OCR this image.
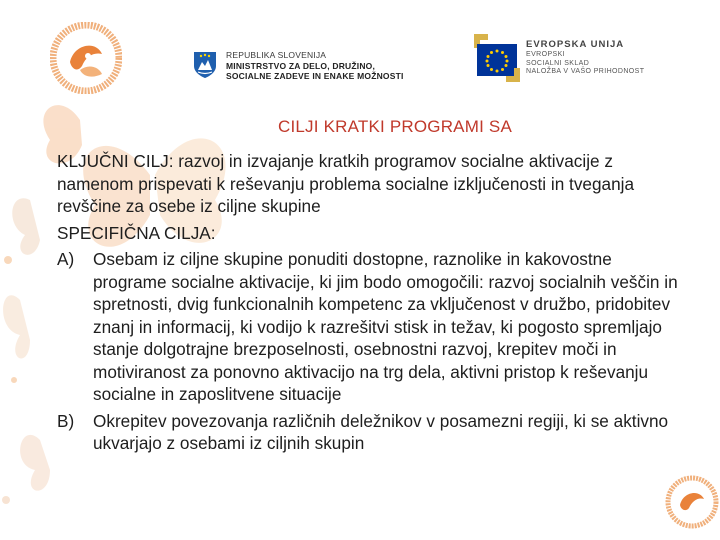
REPUBLIKA SLOVENIJA
MINISTRSTVO ZA DELO, DRUŽINO,
SOCIALNE ZADEVE IN ENAKE MOŽNOSTI
EVROPSKA UNIJA
EVROPSKI
SOCIALNI SKLAD
NALOŽBA V VAŠO PRIHODNOST
CILJI KRATKI PROGRAMI SA

KLJUČNI CILJ: razvoj in izvajanje kratkih programov socialne aktivacije z namenom prispevati k reševanju problema socialne izključenosti in tveganja revščine za osebe iz ciljne skupine

SPECIFIČNA CILJA:

A)	Osebam iz ciljne skupine ponuditi dostopne, raznolike in kakovostne programe socialne aktivacije, ki jim bodo omogočili: razvoj socialnih veščin in spretnosti, dvig funkcionalnih kompetenc za vključenost v družbo, pridobitev znanj in informacij, ki vodijo k razrešitvi stisk in težav, ki pogosto spremljajo stanje dolgotrajne brezposelnosti, osebnostni razvoj, krepitev moči in motiviranost za ponovno aktivacijo na trg dela, aktivni pristop k reševanju socialne in zaposlitvene situacije
B)	Okrepitev povezovanja različnih deležnikov v posamezni regiji, ki se aktivno ukvarjajo z osebami iz ciljnih skupin
